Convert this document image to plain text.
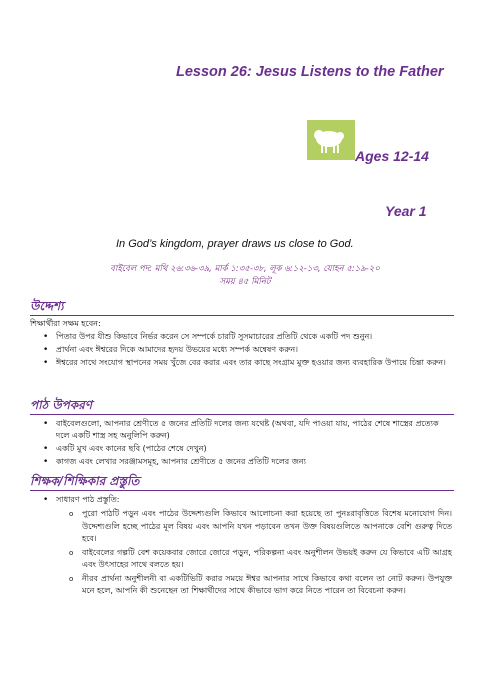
Lesson 26: Jesus Listens to the Father
Ages 12-14
Year 1
In God’s kingdom, prayer draws us close to God.
বাইবেল পদ: মথি ২৬:৩৬-৩৯, মার্ক ১:৩৫-৩৮, লূক ৬:১২-১৩, যোহন ৫:১৯-২০
সময় ৪৫ মিনিট
উদ্দেশ্য
শিক্ষার্থীরা সক্ষম হবেন:
• পিতার উপর যীশু কিভাবে নির্ভর করেন সে সম্পর্কে চারটি সুসমাচারের প্রতিটি থেকে একটি পদ শুনুন।
• প্রার্থনা এবং ঈশ্বরের দিকে আমাদের হৃদয় উভয়ের মধ্যে সম্পর্ক অন্বেষণ করুন।
• ঈশ্বরের সাথে সংযোগ স্থাপনের সময় খুঁজে বের করার এবং তার কাছে সংগ্রাম মুক্ত হওয়ার জন্য ব্যবহারিক উপায়ে চিন্তা করুন।
পাঠ উপকরণ
• বাইবেলগুলো, আপনার শ্রেণীতে ৫ জনের প্রতিটি দলের জন্য যথেষ্ট (অথবা, যদি পাওয়া যায়, পাঠের শেষে শাস্ত্রের প্রত্যেক দলে একটি শাস্ত্র সহ অনুলিপি করুন)
• একটি মুখ এবং কানের ছবি (পাঠের শেষে দেখুন)
• কাগজ এবং লেখার সরঞ্জামসমূহ, আপনার শ্রেণীতে ৫ জনের প্রতিটি দলের জন্য
শিক্ষক/শিক্ষিকার প্রস্তুতি
• সাধারণ পাঠ প্রস্তুতি:
o পুরো পাঠটি পড়ুন এবং পাঠের উদ্দেশ্যগুলি কিভাবে আলোচনা করা হয়েছে তা পুনঃরাবৃত্তিতে বিশেষ মনোযোগ দিন। উদ্দেশ্যগুলি হচ্ছে পাঠের মূল বিষয় এবং আপনি যখন পড়াবেন তখন উক্ত বিষয়গুলিতে আপনাকে বেশি গুরুত্ব দিতে হবে।
o বাইবেলের গল্পটি বেশ কয়েকবার জোরে জোরে পড়ুন, পরিকল্পনা এবং অনুশীলন উভয়ই করুন যে কিভাবে এটি আগ্রহ এবং উৎসাহের সাথে বলতে হয়।
o নীরব প্রার্থনা অনুশীলনী বা একটিভিটি করার সময়ে ঈশ্বর আপনার সাথে কিভাবে কথা বলেন তা নোট করুন। উপযুক্ত মনে হলে, আপনি কী শুনেছেন তা শিক্ষার্থীদের সাথে কীভাবে ভাগ করে নিতে পারেন তা বিবেচনা করুন।
